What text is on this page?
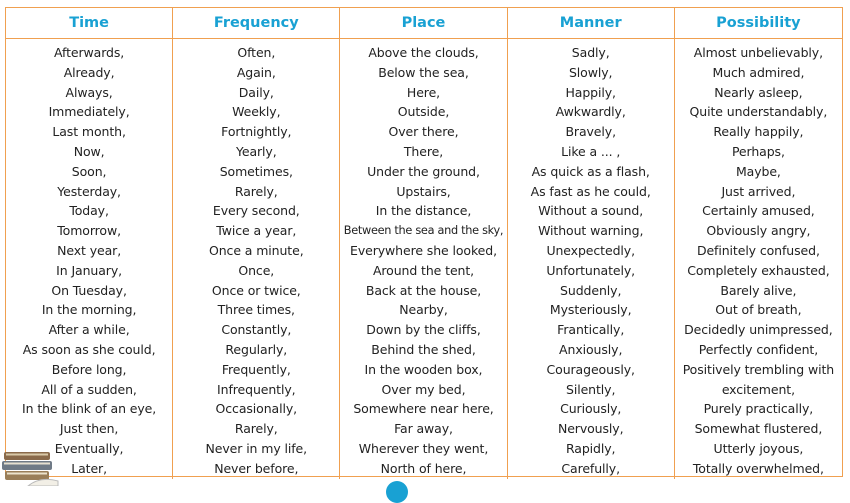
Time
Afterwards,
Already,
Always,
Immediately,
Last month,
Now,
Soon,
Yesterday,
Today,
Tomorrow,
Next year,
In January,
On Tuesday,
In the morning,
After a while,
As soon as she could,
Before long,
All of a sudden,
In the blink of an eye,
Just then,
Eventually,
Later,
Frequency
Often,
Again,
Daily,
Weekly,
Fortnightly,
Yearly,
Sometimes,
Rarely,
Every second,
Twice a year,
Once a minute,
Once,
Once or twice,
Three times,
Constantly,
Regularly,
Frequently,
Infrequently,
Occasionally,
Rarely,
Never in my life,
Never before,
Place
Above the clouds,
Below the sea,
Here,
Outside,
Over there,
There,
Under the ground,
Upstairs,
In the distance,
Between the sea and the sky,
Everywhere she looked,
Around the tent,
Back at the house,
Nearby,
Down by the cliffs,
Behind the shed,
In the wooden box,
Over my bed,
Somewhere near here,
Far away,
Wherever they went,
North of here,
Manner
Sadly,
Slowly,
Happily,
Awkwardly,
Bravely,
Like a ... ,
As quick as a flash,
As fast as he could,
Without a sound,
Without warning,
Unexpectedly,
Unfortunately,
Suddenly,
Mysteriously,
Frantically,
Anxiously,
Courageously,
Silently,
Curiously,
Nervously,
Rapidly,
Carefully,
Possibility
Almost unbelievably,
Much admired,
Nearly asleep,
Quite understandably,
Really happily,
Perhaps,
Maybe,
Just arrived,
Certainly amused,
Obviously angry,
Definitely confused,
Completely exhausted,
Barely alive,
Out of breath,
Decidedly unimpressed,
Perfectly confident,
Positively trembling with
excitement,
Purely practically,
Somewhat flustered,
Utterly joyous,
Totally overwhelmed,
